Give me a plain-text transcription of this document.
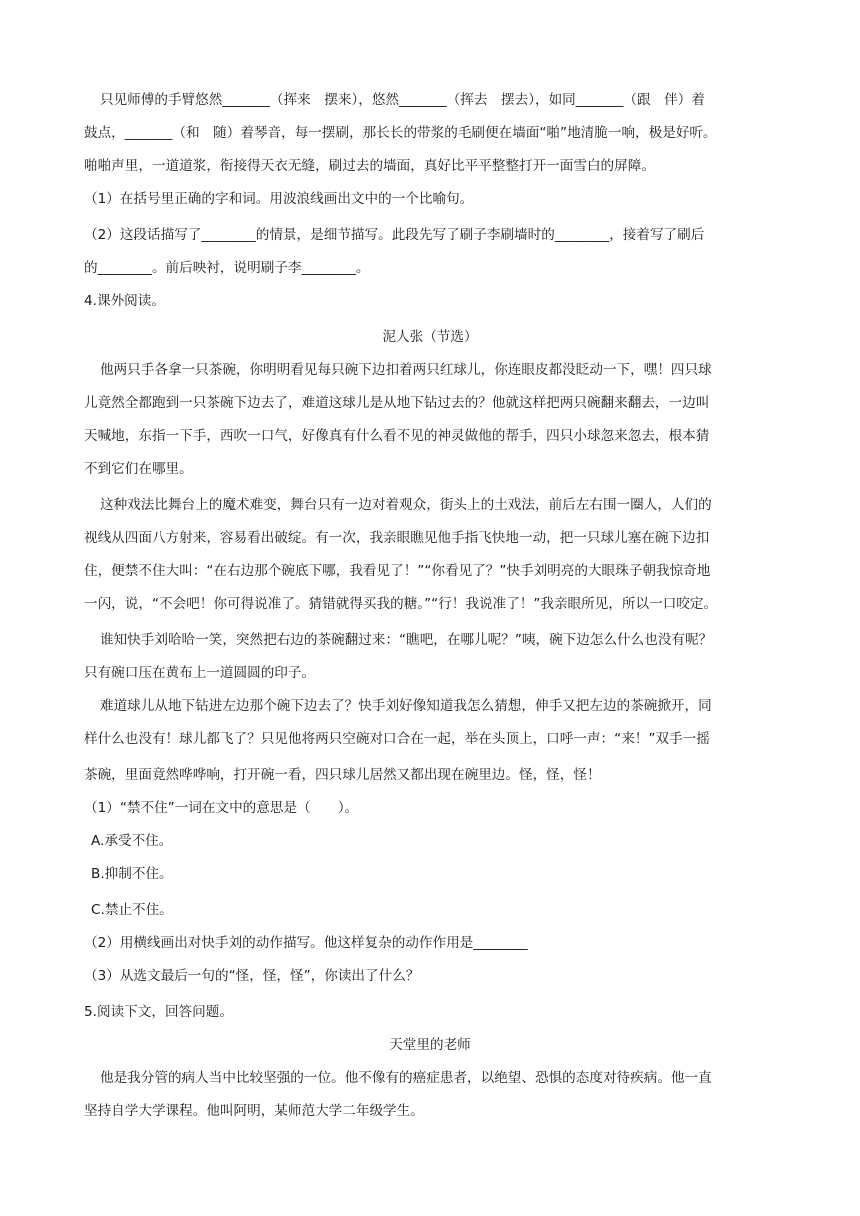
只见师傅的手臂悠然_______（挥来　摆来），悠然_______（挥去　摆去），如同_______（跟　伴）着
鼓点，_______（和　随）着琴音，每一摆刷，那长长的带浆的毛刷便在墙面“啪”地清脆一响，极是好听。
啪啪声里，一道道浆，衔接得天衣无缝，刷过去的墙面，真好比平平整整打开一面雪白的屏障。
（1）在括号里正确的字和词。用波浪线画出文中的一个比喻句。
（2）这段话描写了________的情景，是细节描写。此段先写了刷子李刷墙时的________，接着写了刷后
的________。前后映衬，说明刷子李________。
4.课外阅读。
泥人张（节选）
他两只手各拿一只茶碗，你明明看见每只碗下边扣着两只红球儿，你连眼皮都没眨动一下，嘿！四只球
儿竟然全都跑到一只茶碗下边去了，难道这球儿是从地下钻过去的？他就这样把两只碗翻来翻去，一边叫
天喊地，东指一下手，西吹一口气，好像真有什么看不见的神灵做他的帮手，四只小球忽来忽去，根本猜
不到它们在哪里。
这种戏法比舞台上的魔术难变，舞台只有一边对着观众，街头上的土戏法，前后左右围一圈人，人们的
视线从四面八方射来，容易看出破绽。有一次，我亲眼瞧见他手指飞快地一动，把一只球儿塞在碗下边扣
住，便禁不住大叫：“在右边那个碗底下哪，我看见了！”“你看见了？”快手刘明亮的大眼珠子朝我惊奇地
一闪，说，“不会吧！你可得说准了。猜错就得买我的糖。”“行！我说准了！”我亲眼所见，所以一口咬定。
谁知快手刘哈哈一笑，突然把右边的茶碗翻过来：“瞧吧，在哪儿呢？”咦，碗下边怎么什么也没有呢？
只有碗口压在黄布上一道圆圆的印子。
难道球儿从地下钻进左边那个碗下边去了？快手刘好像知道我怎么猜想，伸手又把左边的茶碗掀开，同
样什么也没有！球儿都飞了？只见他将两只空碗对口合在一起，举在头顶上，口呼一声：“来！”双手一摇
茶碗，里面竟然哗哗响，打开碗一看，四只球儿居然又都出现在碗里边。怪，怪，怪！
（1）“禁不住”一词在文中的意思是（　　）。
A.承受不住。
B.抑制不住。
C.禁止不住。
（2）用横线画出对快手刘的动作描写。他这样复杂的动作作用是________
（3）从选文最后一句的“怪，怪，怪”，你读出了什么？
5.阅读下文，回答问题。
天堂里的老师
他是我分管的病人当中比较坚强的一位。他不像有的癌症患者，以绝望、恐惧的态度对待疾病。他一直
坚持自学大学课程。他叫阿明，某师范大学二年级学生。
